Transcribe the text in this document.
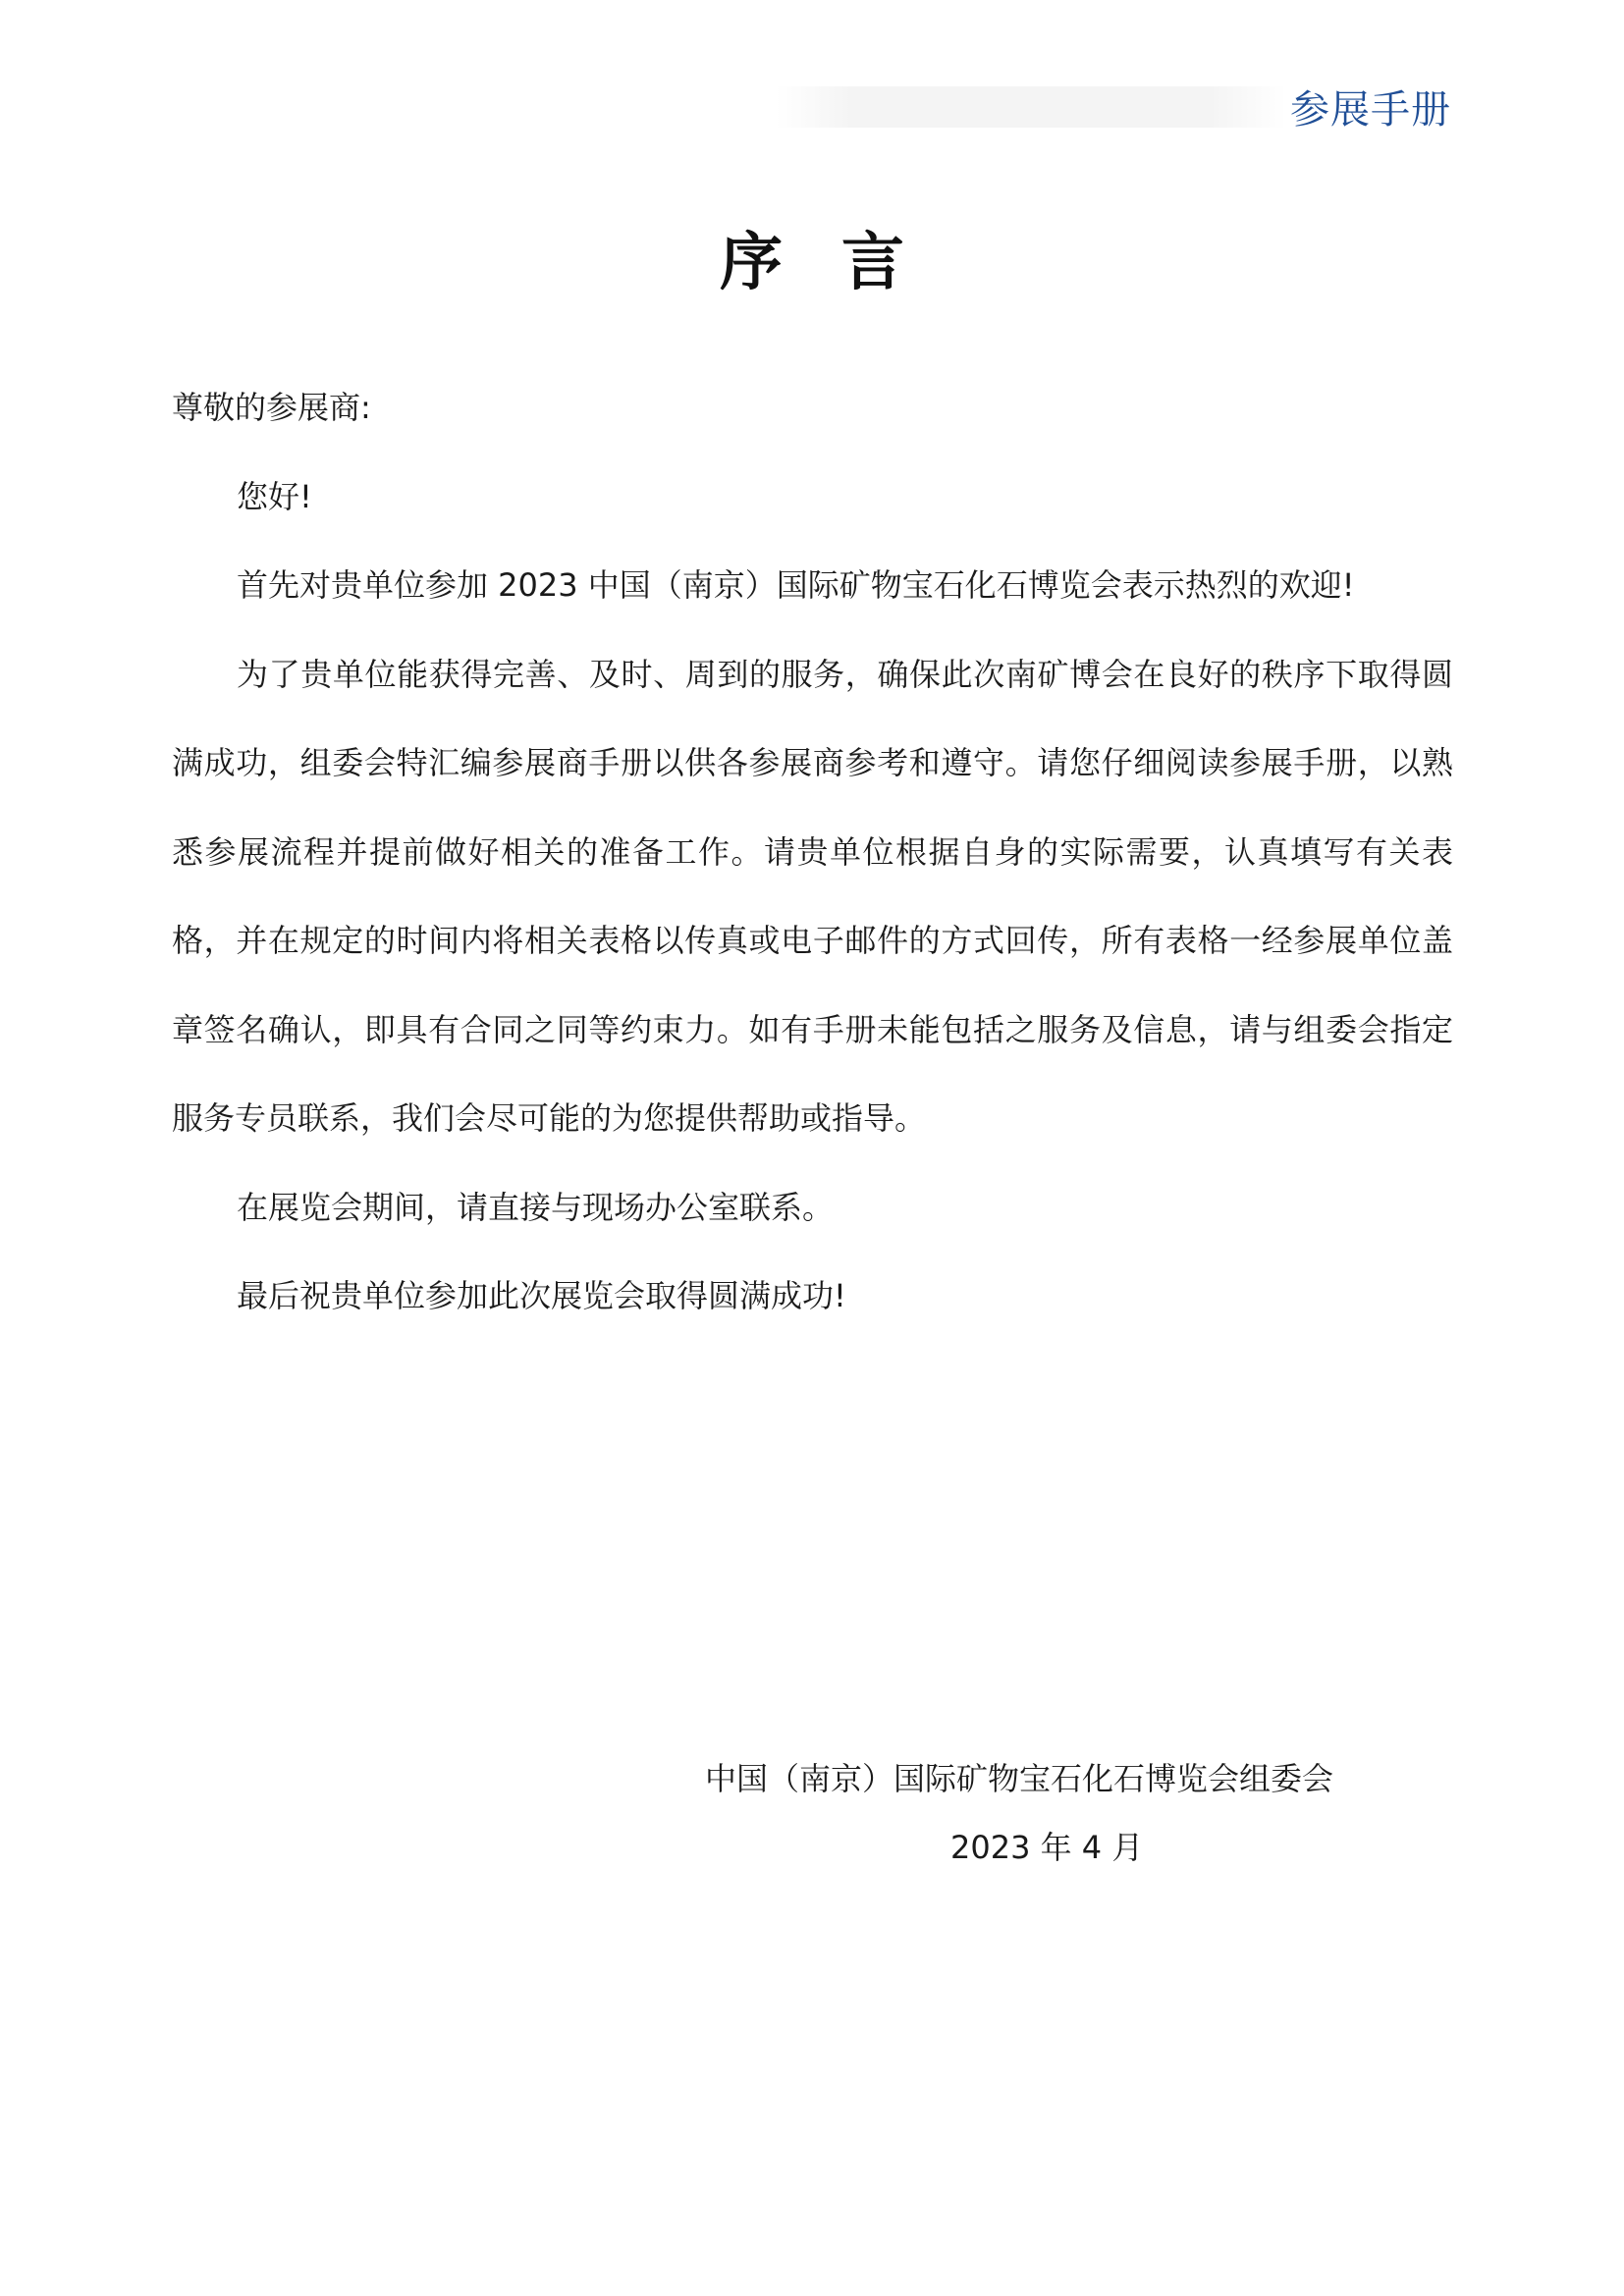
参展手册
序言

尊敬的参展商:

您好!

首先对贵单位参加 2023 中国（南京）国际矿物宝石化石博览会表示热烈的欢迎!

为了贵单位能获得完善、及时、周到的服务，确保此次南矿博会在良好的秩序下取得圆满成功，组委会特汇编参展商手册以供各参展商参考和遵守。请您仔细阅读参展手册，以熟悉参展流程并提前做好相关的准备工作。请贵单位根据自身的实际需要，认真填写有关表格，并在规定的时间内将相关表格以传真或电子邮件的方式回传，所有表格一经参展单位盖章签名确认，即具有合同之同等约束力。如有手册未能包括之服务及信息，请与组委会指定服务专员联系，我们会尽可能的为您提供帮助或指导。

在展览会期间，请直接与现场办公室联系。

最后祝贵单位参加此次展览会取得圆满成功!

中国（南京）国际矿物宝石化石博览会组委会
2023 年 4 月
